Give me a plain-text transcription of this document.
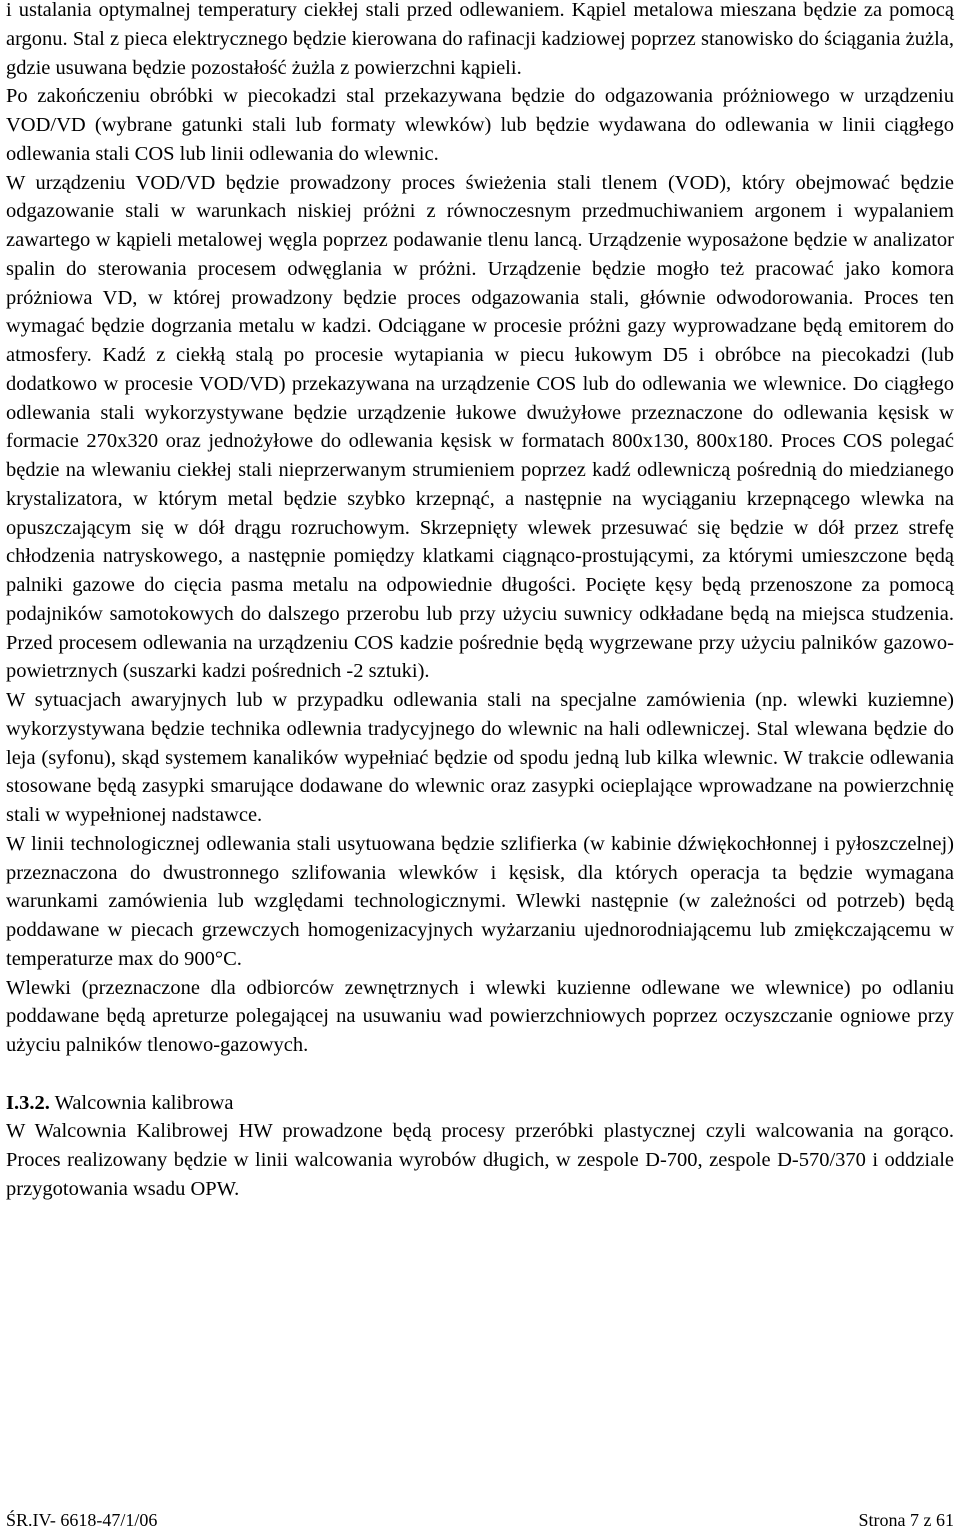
i ustalania optymalnej temperatury ciekłej stali przed odlewaniem. Kąpiel metalowa mieszana będzie za pomocą argonu. Stal z pieca elektrycznego będzie kierowana do rafinacji kadziowej poprzez stanowisko do ściągania żużla, gdzie usuwana będzie pozostałość żużla z powierzchni kąpieli.

Po zakończeniu obróbki w piecokadzi stal przekazywana będzie do odgazowania próżniowego w urządzeniu VOD/VD (wybrane gatunki stali lub formaty wlewków) lub będzie wydawana do odlewania w linii ciągłego odlewania stali COS lub linii odlewania do wlewnic.

W urządzeniu VOD/VD będzie prowadzony proces świeżenia stali tlenem (VOD), który obejmować będzie odgazowanie stali w warunkach niskiej próżni z równoczesnym przedmuchiwaniem argonem i wypalaniem zawartego w kąpieli metalowej węgla poprzez podawanie tlenu lancą. Urządzenie wyposażone będzie w analizator spalin do sterowania procesem odwęglania w próżni. Urządzenie będzie mogło też pracować jako komora próżniowa VD, w której prowadzony będzie proces odgazowania stali, głównie odwodorowania. Proces ten wymagać będzie dogrzania metalu w kadzi. Odciągane w procesie próżni gazy wyprowadzane będą emitorem do atmosfery. Kadź z ciekłą stalą po procesie wytapiania w piecu łukowym D5 i obróbce na piecokadzi (lub dodatkowo w procesie VOD/VD) przekazywana na urządzenie COS lub do odlewania we wlewnice. Do ciągłego odlewania stali wykorzystywane będzie urządzenie łukowe dwużyłowe przeznaczone do odlewania kęsisk w formacie 270x320 oraz jednożyłowe do odlewania kęsisk w formatach 800x130, 800x180. Proces COS polegać będzie na wlewaniu ciekłej stali nieprzerwanym strumieniem poprzez kadź odlewniczą pośrednią do miedzianego krystalizatora, w którym metal będzie szybko krzepnąć, a następnie na wyciąganiu krzepnącego wlewka na opuszczającym się w dół drągu rozruchowym. Skrzepnięty wlewek przesuwać się będzie w dół przez strefę chłodzenia natryskowego, a następnie pomiędzy klatkami ciągnąco-prostującymi, za którymi umieszczone będą palniki gazowe do cięcia pasma metalu na odpowiednie długości. Pocięte kęsy będą przenoszone za pomocą podajników samotokowych do dalszego przerobu lub przy użyciu suwnicy odkładane będą na miejsca studzenia. Przed procesem odlewania na urządzeniu COS kadzie pośrednie będą wygrzewane przy użyciu palników gazowo-powietrznych (suszarki kadzi pośrednich -2 sztuki).

W sytuacjach awaryjnych lub w przypadku odlewania stali na specjalne zamówienia (np. wlewki kuziemne) wykorzystywana będzie technika odlewnia tradycyjnego do wlewnic na hali odlewniczej. Stal wlewana będzie do leja (syfonu), skąd systemem kanalików wypełniać będzie od spodu jedną lub kilka wlewnic. W trakcie odlewania stosowane będą zasypki smarujące dodawane do wlewnic oraz zasypki ocieplające wprowadzane na powierzchnię stali w wypełnionej nadstawce.

W linii technologicznej odlewania stali usytuowana będzie szlifierka (w kabinie dźwiękochłonnej i pyłoszczelnej) przeznaczona do dwustronnego szlifowania wlewków i kęsisk, dla których operacja ta będzie wymagana warunkami zamówienia lub względami technologicznymi. Wlewki następnie (w zależności od potrzeb) będą poddawane w piecach grzewczych homogenizacyjnych wyżarzaniu ujednorodniającemu lub zmiękczającemu w temperaturze max do 900°C.

Wlewki (przeznaczone dla odbiorców zewnętrznych i wlewki kuzienne odlewane we wlewnice) po odlaniu poddawane będą apreturze polegającej na usuwaniu wad powierzchniowych poprzez oczyszczanie ogniowe przy użyciu palników tlenowo-gazowych.

I.3.2. Walcownia kalibrowa

W Walcownia Kalibrowej HW prowadzone będą procesy przeróbki plastycznej czyli walcowania na gorąco. Proces realizowany będzie w linii walcowania wyrobów długich, w zespole D-700, zespole D-570/370 i oddziale przygotowania wsadu OPW.

ŚR.IV- 6618-47/1/06	Strona 7 z 61
